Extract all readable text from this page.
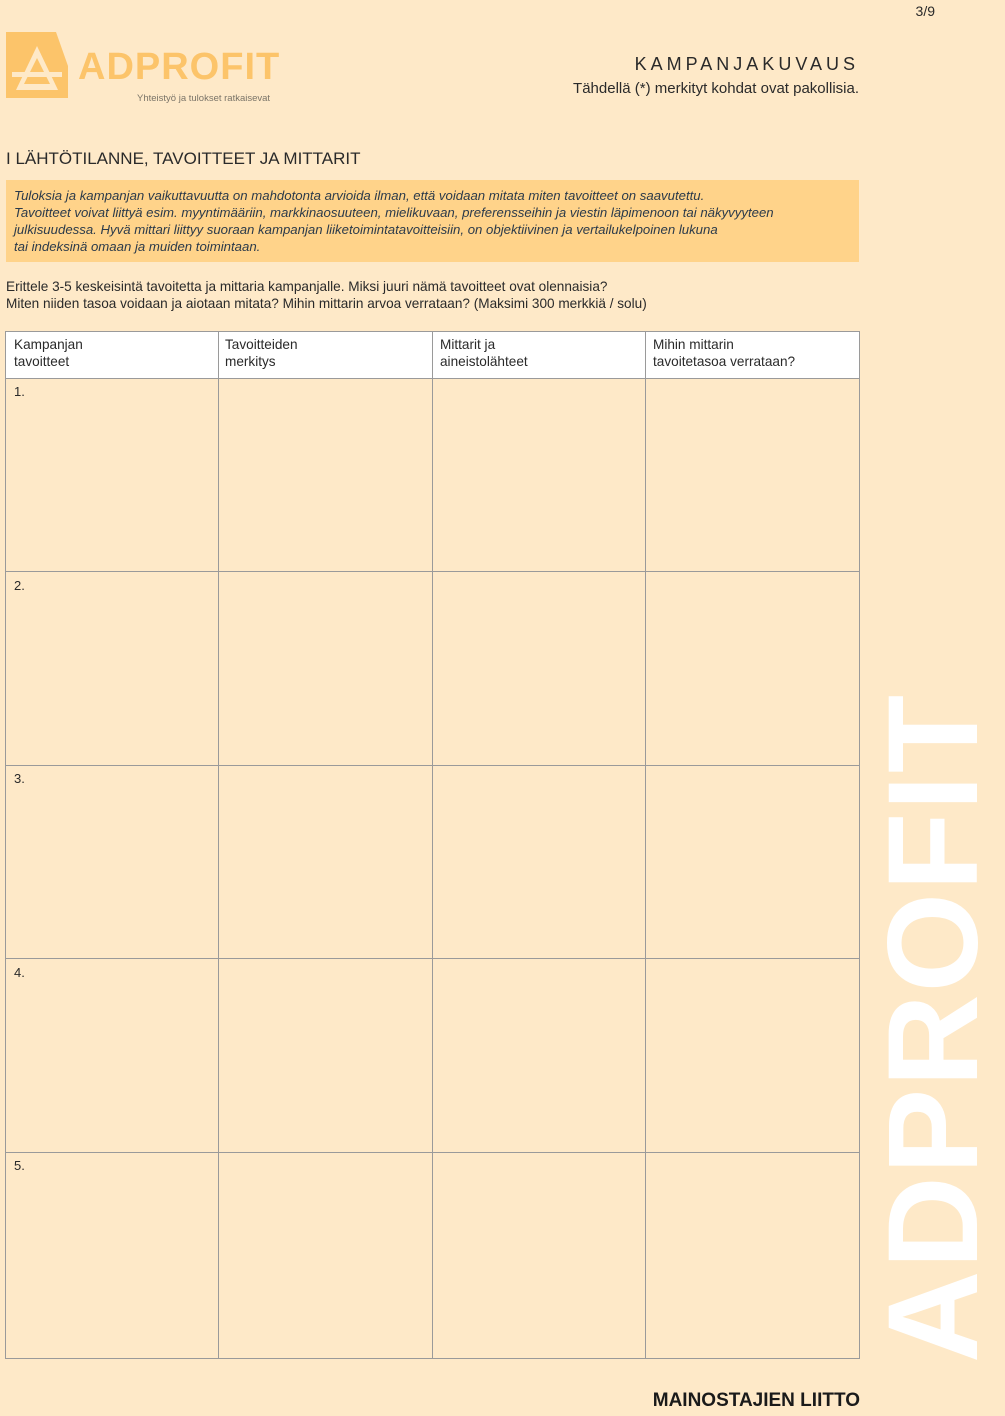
3/9
ADPROFIT
Yhteistyö ja tulokset ratkaisevat
KAMPANJAKUVAUS
Tähdellä (*) merkityt kohdat ovat pakollisia.
I LÄHTÖTILANNE, TAVOITTEET JA MITTARIT
Tuloksia ja kampanjan vaikuttavuutta on mahdotonta arvioida ilman, että voidaan mitata miten tavoitteet on saavutettu.
Tavoitteet voivat liittyä esim. myyntimääriin, markkinaosuuteen, mielikuvaan, preferensseihin ja viestin läpimenoon tai näkyvyyteen
julkisuudessa. Hyvä mittari liittyy suoraan kampanjan liiketoimintatavoitteisiin, on objektiivinen ja vertailukelpoinen lukuna
tai indeksinä omaan ja muiden toimintaan.
Erittele 3-5 keskeisintä tavoitetta ja mittaria kampanjalle. Miksi juuri nämä tavoitteet ovat olennaisia?
Miten niiden tasoa voidaan ja aiotaan mitata? Mihin mittarin arvoa verrataan? (Maksimi 300 merkkiä / solu)
Kampanjan
tavoitteet
Tavoitteiden
merkitys
Mittarit ja
aineistolähteet
Mihin mittarin
tavoitetasoa verrataan?
1.
2.
3.
4.
5.	ADPROFIT
MAINOSTAJIEN LIITTO
